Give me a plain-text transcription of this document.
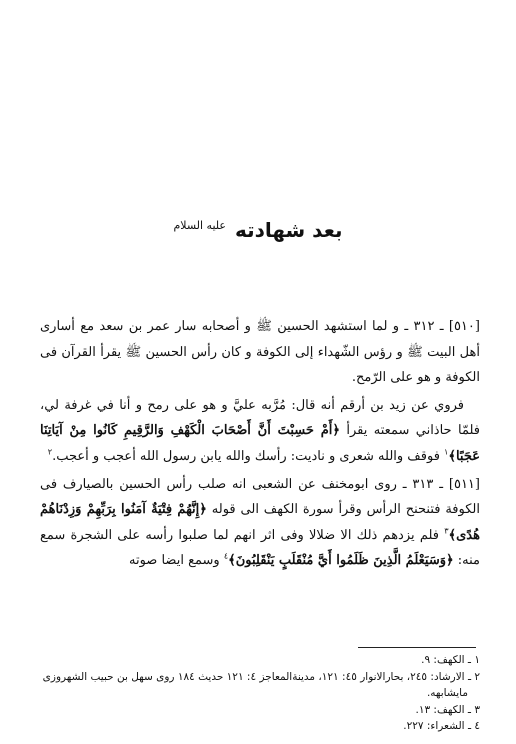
بعد شهادته $^{عليه السلام}$

[٥١٠] ـ ٣١٢ ـ و لما استشهد الحسين ﷺ و أصحابه سار عمر بن سعد مع أسارى أهل البيت ﷺ و رؤس الشّهداء إلى الكوفة و كان رأس الحسين ﷺ يقرأ القرآن فى الكوفة و هو على الرّمح.

فروي عن زيد بن أرقم أنه قال: مُرَّبه عليَّ و هو على رمح و أنا في غرفة لي، فلمّا حاذاني سمعته يقرأ ﴿أَمْ حَسِبْتَ أَنَّ أَصْحَابَ الْكَهْفِ وَالرَّقِيمِ كَانُوا مِنْ آيَاتِنَا عَجَبًا﴾$^١$ فوقف والله شعرى و ناديت: رأسك والله يابن رسول الله أعجب و أعجب.$^٢$

[٥١١] ـ ٣١٣ ـ روى ابومخنف عن الشعبى انه صلب رأس الحسين بالصيارف فى الكوفة فتنحنح الرأس وقرأ سورة الكهف الى قوله ﴿إِنَّهُمْ فِتْيَةٌ آمَنُوا بِرَبِّهِمْ وَزِدْنَاهُمْ هُدًى﴾$^٣$ فلم يزدهم ذلك الا ضلالا وفى اثر انهم لما صلبوا رأسه على الشجرة سمع منه: ﴿وَسَيَعْلَمُ الَّذِينَ ظَلَمُوا أَيَّ مُنْقَلَبٍ يَنْقَلِبُونَ﴾$^٤$ وسمع ايضا صوته

١ ـ الكهف: ٩.
٢ ـ الارشاد: ٢٤٥، بحارالانوار ٤٥: ١٢١، مدينةالمعاجز ٤: ١٢١ حديث ١٨٤ روى سهل بن حبيب الشهروزى
مايشابهه.
٣ ـ الكهف: ١٣.
٤ ـ الشعراء: ٢٢٧.
